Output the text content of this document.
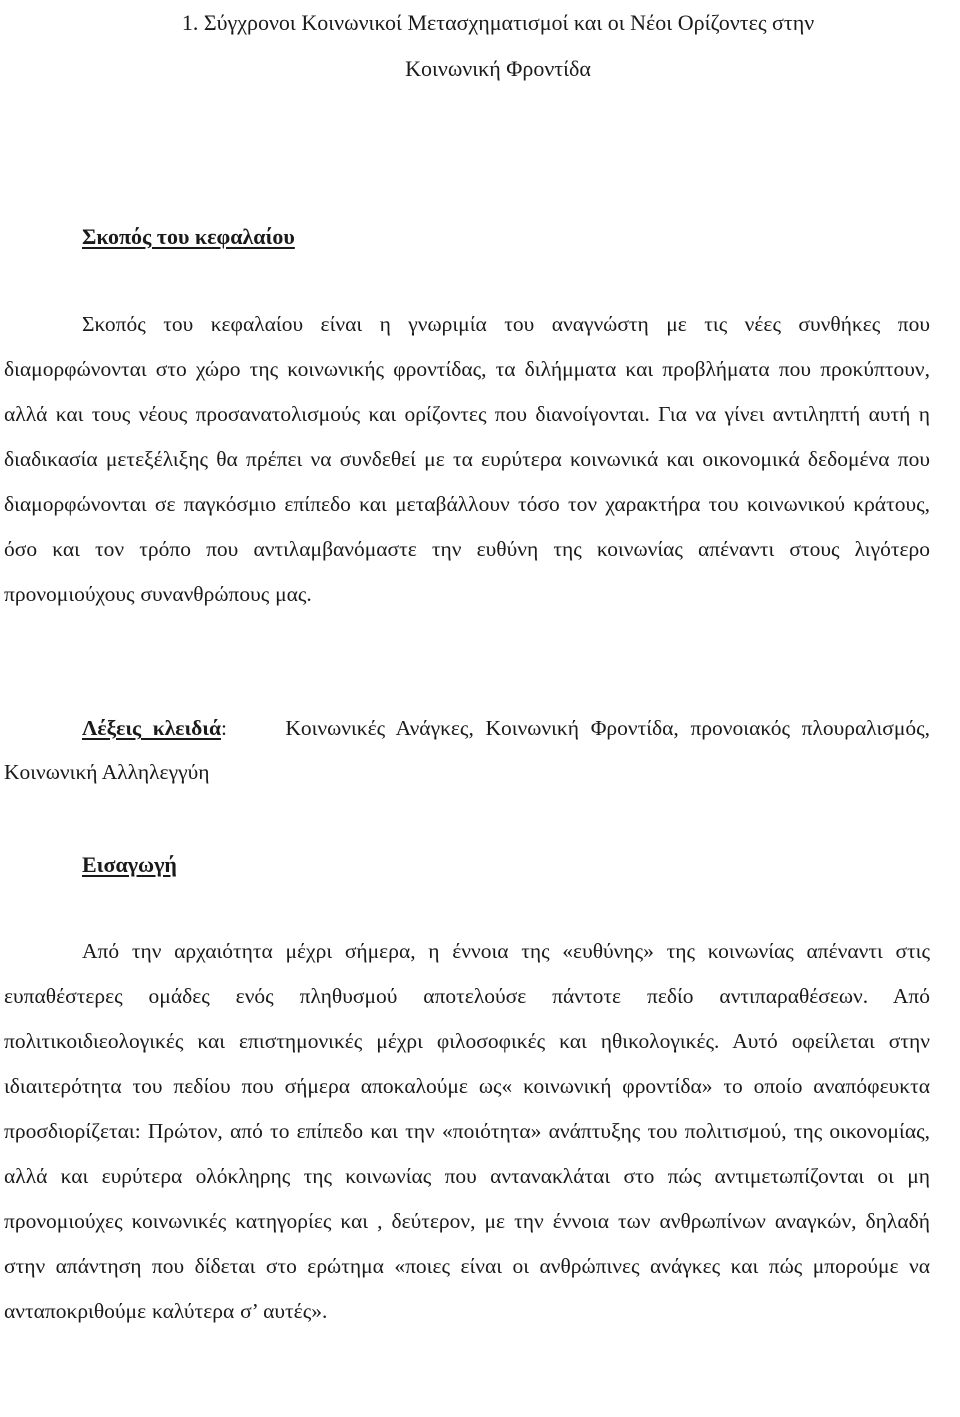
1. Σύγχρονοι Κοινωνικοί Μετασχηματισμοί και οι Νέοι Ορίζοντες στην
Κοινωνική Φροντίδα
Σκοπός του κεφαλαίου

Σκοπός του κεφαλαίου είναι η γνωριμία του αναγνώστη με τις νέες συνθήκες που διαμορφώνονται στο χώρο της κοινωνικής φροντίδας, τα διλήμματα και προβλήματα που προκύπτουν, αλλά και τους νέους προσανατολισμούς και ορίζοντες που διανοίγονται. Για να γίνει αντιληπτή αυτή η διαδικασία μετεξέλιξης θα πρέπει να συνδεθεί με τα ευρύτερα κοινωνικά και οικονομικά δεδομένα που διαμορφώνονται σε παγκόσμιο επίπεδο και μεταβάλλουν τόσο τον χαρακτήρα του κοινωνικού κράτους, όσο και τον τρόπο που αντιλαμβανόμαστε την ευθύνη της κοινωνίας απέναντι στους λιγότερο προνομιούχους συνανθρώπους μας.

Λέξεις κλειδιά:	Κοινωνικές Ανάγκες, Κοινωνική Φροντίδα, προνοιακός πλουραλισμός, Κοινωνική Αλληλεγγύη

Εισαγωγή

Από την αρχαιότητα μέχρι σήμερα, η έννοια της «ευθύνης» της κοινωνίας απέναντι στις ευπαθέστερες ομάδες ενός πληθυσμού αποτελούσε πάντοτε πεδίο αντιπαραθέσεων. Από πολιτικοιδιεολογικές και επιστημονικές μέχρι φιλοσοφικές και ηθικολογικές. Αυτό οφείλεται στην ιδιαιτερότητα του πεδίου που σήμερα αποκαλούμε ως« κοινωνική φροντίδα» το οποίο αναπόφευκτα προσδιορίζεται: Πρώτον, από το επίπεδο και την «ποιότητα» ανάπτυξης του πολιτισμού, της οικονομίας, αλλά και ευρύτερα ολόκληρης της κοινωνίας που αντανακλάται στο πώς αντιμετωπίζονται οι μη προνομιούχες κοινωνικές κατηγορίες και , δεύτερον, με την έννοια των ανθρωπίνων αναγκών, δηλαδή στην απάντηση που δίδεται στο ερώτημα «ποιες είναι οι ανθρώπινες ανάγκες και πώς μπορούμε να ανταποκριθούμε καλύτερα σ’ αυτές».
